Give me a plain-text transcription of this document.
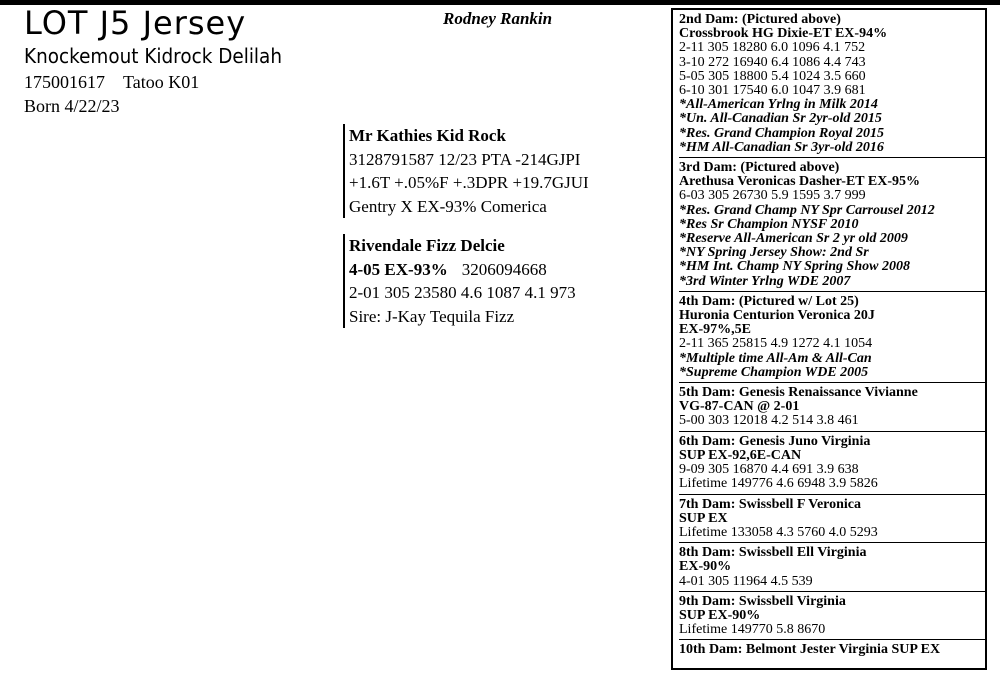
LOT J5 Jersey
Knockemout Kidrock Delilah
175001617 Tatoo K01
Born 4/22/23
Rodney Rankin
Mr Kathies Kid Rock
3128791587 12/23 PTA -214GJPI
+1.6T +.05%F +.3DPR +19.7GJUI
Gentry X EX-93% Comerica
Rivendale Fizz Delcie
4-05 EX-93% 3206094668
2-01 305 23580 4.6 1087 4.1 973
Sire: J-Kay Tequila Fizz
2nd Dam: (Pictured above)
Crossbrook HG Dixie-ET EX-94%
2-11 305 18280 6.0 1096 4.1 752
3-10 272 16940 6.4 1086 4.4 743
5-05 305 18800 5.4 1024 3.5 660
6-10 301 17540 6.0 1047 3.9 681
*All-American Yrlng in Milk 2014
*Un. All-Canadian Sr 2yr-old 2015
*Res. Grand Champion Royal 2015
*HM All-Canadian Sr 3yr-old 2016
3rd Dam: (Pictured above)
Arethusa Veronicas Dasher-ET EX-95%
6-03 305 26730 5.9 1595 3.7 999
*Res. Grand Champ NY Spr Carrousel 2012
*Res Sr Champion NYSF 2010
*Reserve All-American Sr 2 yr old 2009
*NY Spring Jersey Show: 2nd Sr
*HM Int. Champ NY Spring Show 2008
*3rd Winter Yrlng WDE 2007
4th Dam: (Pictured w/ Lot 25)
Huronia Centurion Veronica 20J
EX-97%,5E
2-11 365 25815 4.9 1272 4.1 1054
*Multiple time All-Am & All-Can
*Supreme Champion WDE 2005
5th Dam: Genesis Renaissance Vivianne
VG-87-CAN @ 2-01
5-00 303 12018 4.2 514 3.8 461
6th Dam: Genesis Juno Virginia
SUP EX-92,6E-CAN
9-09 305 16870 4.4 691 3.9 638
Lifetime 149776 4.6 6948 3.9 5826
7th Dam: Swissbell F Veronica
SUP EX
Lifetime 133058 4.3 5760 4.0 5293
8th Dam: Swissbell Ell Virginia
EX-90%
4-01 305 11964 4.5 539
9th Dam: Swissbell Virginia
SUP EX-90%
Lifetime 149770 5.8 8670
10th Dam: Belmont Jester Virginia SUP EX
